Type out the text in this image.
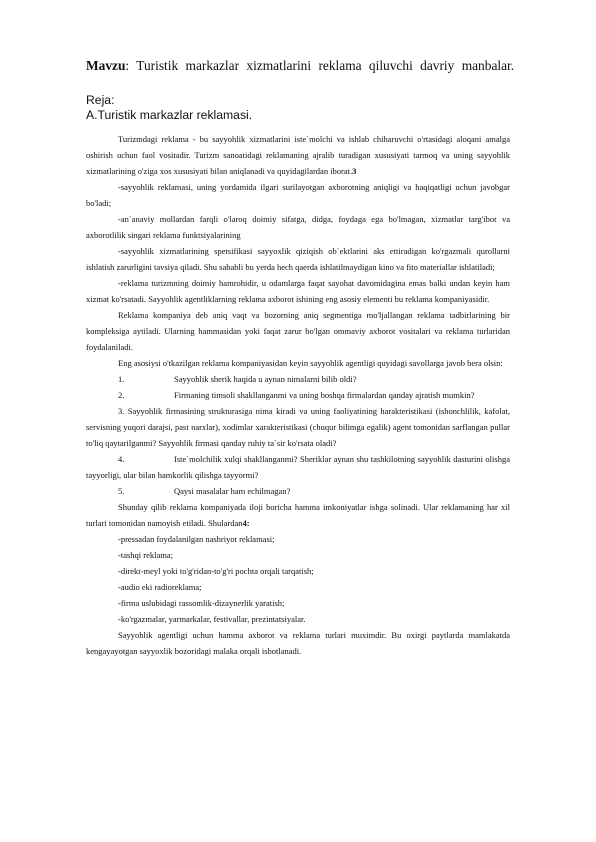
Mavzu: Turistik markazlar xizmatlarini reklama qiluvchi davriy manbalar.
Reja:
A.Turistik markazlar reklamasi.

Turizmdagi reklama - bu sayyohlik xizmatlarini iste`molchi va ishlab chiharuvchi o'rtasidagi aloqani amalga oshirish uchun faol vositadir. Turizm sanoatidagi reklamaning ajralib turadigan xususiyati tarmoq va uning sayyohlik xizmatlarining o'ziga xos xususiyati bilan aniqlanadi va quyidagilardan iborat.3

-sayyohlik reklamasi, uning yordamida ilgari surilayotgan axborotning aniqligi va haqiqatligi uchun javobgar bo'ladi;

-an`anaviy mollardan farqli o'laroq doimiy sifatga, didga, foydaga ega bo'lmagan, xizmatlar targ'ibot va axborotlilik singari reklama funktsiyalarining

-sayyohlik xizmatlarining spetsifikasi sayyoxlik qiziqish ob`ektlarini aks ettiradigan ko'rgazmali qurollarni ishlatish zarurligini tavsiya qiladi. Shu sababli bu yerda hech qaerda ishlatilmaydigan kino va fito materiallar ishlatiladi;

-reklama turizmning doimiy hamrohidir, u odamlarga faqat sayohat davomidagina emas balki undan keyin ham xizmat ko'rsatadi. Sayyohlik agentliklarning reklama axborot ishining eng asosiy elementi bu reklama kompaniyasidir.

Reklama kompaniya deb aniq vaqt va bozorning aniq segmentiga mo'ljallangan reklama tadbirlarining bir kompleksiga aytiladi. Ularning hammasidan yoki faqat zarur bo'lgan ommaviy axborot vositalari va reklama turlaridan foydalaniladi.

Eng asosiysi o'tkazilgan reklama kompaniyasidan keyin sayyohlik agentligi quyidagi savollarga javob bera olsin:

1.	Sayyohlik sherik haqida u aynan nimalarni bilib oldi?

2.	Firmaning timsoli shakllanganmi va uning boshqa firmalardan qanday ajratish mumkin?

3. Sayyohlik firmasining strukturasiga nima kiradi va uning faoliyatining harakteristikasi (ishonchlilik, kafolat, servisning yuqori darajsi, past narxlar), xodimlar xarakteristikasi (chuqur bilimga egalik) agent tomonidan sarflangan pullar to'liq qaytarilganmi? Sayyohlik firmasi qanday ruhiy ta`sir ko'rsata oladi?

4.	Iste`molchilik xulqi shakllanganmi? Sheriklar aynan shu tashkilotning sayyohlik dasturini olishga tayyorligi, ular bilan hamkorlik qilishga tayyormi?

5.	Qaysi masalalar ham echilmagan?

Shunday qilib reklama kompaniyada iloji boricha hamma imkoniyatlar ishga solinadi. Ular reklamaning har xil turlari tomonidan namoyish etiladi. Shulardan4:

-pressadan foydalanilgan nashriyot reklamasi;

-tashqi reklama;

-direkt-meyl yoki to'g'ridan-to'g'ri pochta orqali tarqatish;

-audio eki radioreklama;

-firma uslubidagi rassomlik-dizaynerlik yaratish;

-ko'rgazmalar, yarmarkalar, festivallar, prezintatsiyalar.

Sayyohlik agentligi uchun hamma axborot va reklama turlari muximdir. Bu oxirgi paytlarda mamlakatda kengayayotgan sayyoxlik bozoridagi malaka orqali isbotlanadi.
